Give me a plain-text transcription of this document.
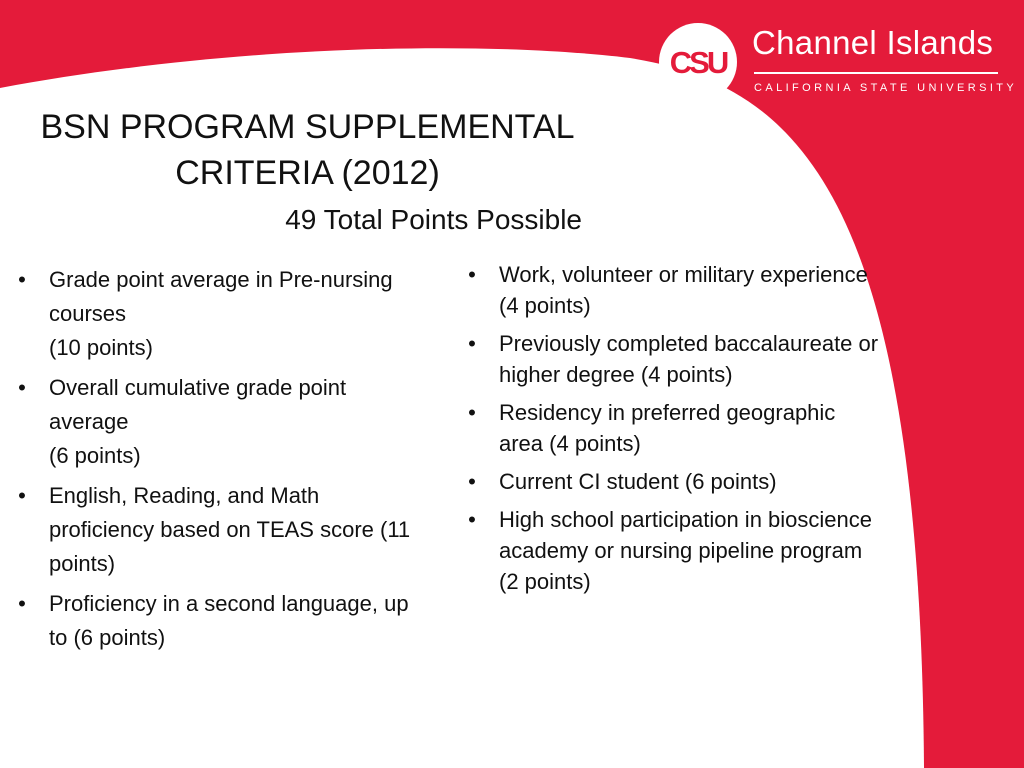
CSU
Channel Islands
CALIFORNIA STATE UNIVERSITY
BSN PROGRAM SUPPLEMENTAL
CRITERIA (2012)
49 Total Points Possible
• Grade point average in Pre-nursing courses
(10 points)
• Overall cumulative grade point average
(6 points)
• English, Reading, and Math proficiency based on TEAS score (11 points)
• Proficiency in a second language, up to (6 points)
• Work, volunteer or military experience (4 points)
• Previously completed baccalaureate or higher degree (4 points)
• Residency in preferred geographic area (4 points)
• Current CI student (6 points)
• High school participation in bioscience academy or nursing pipeline program (2 points)
